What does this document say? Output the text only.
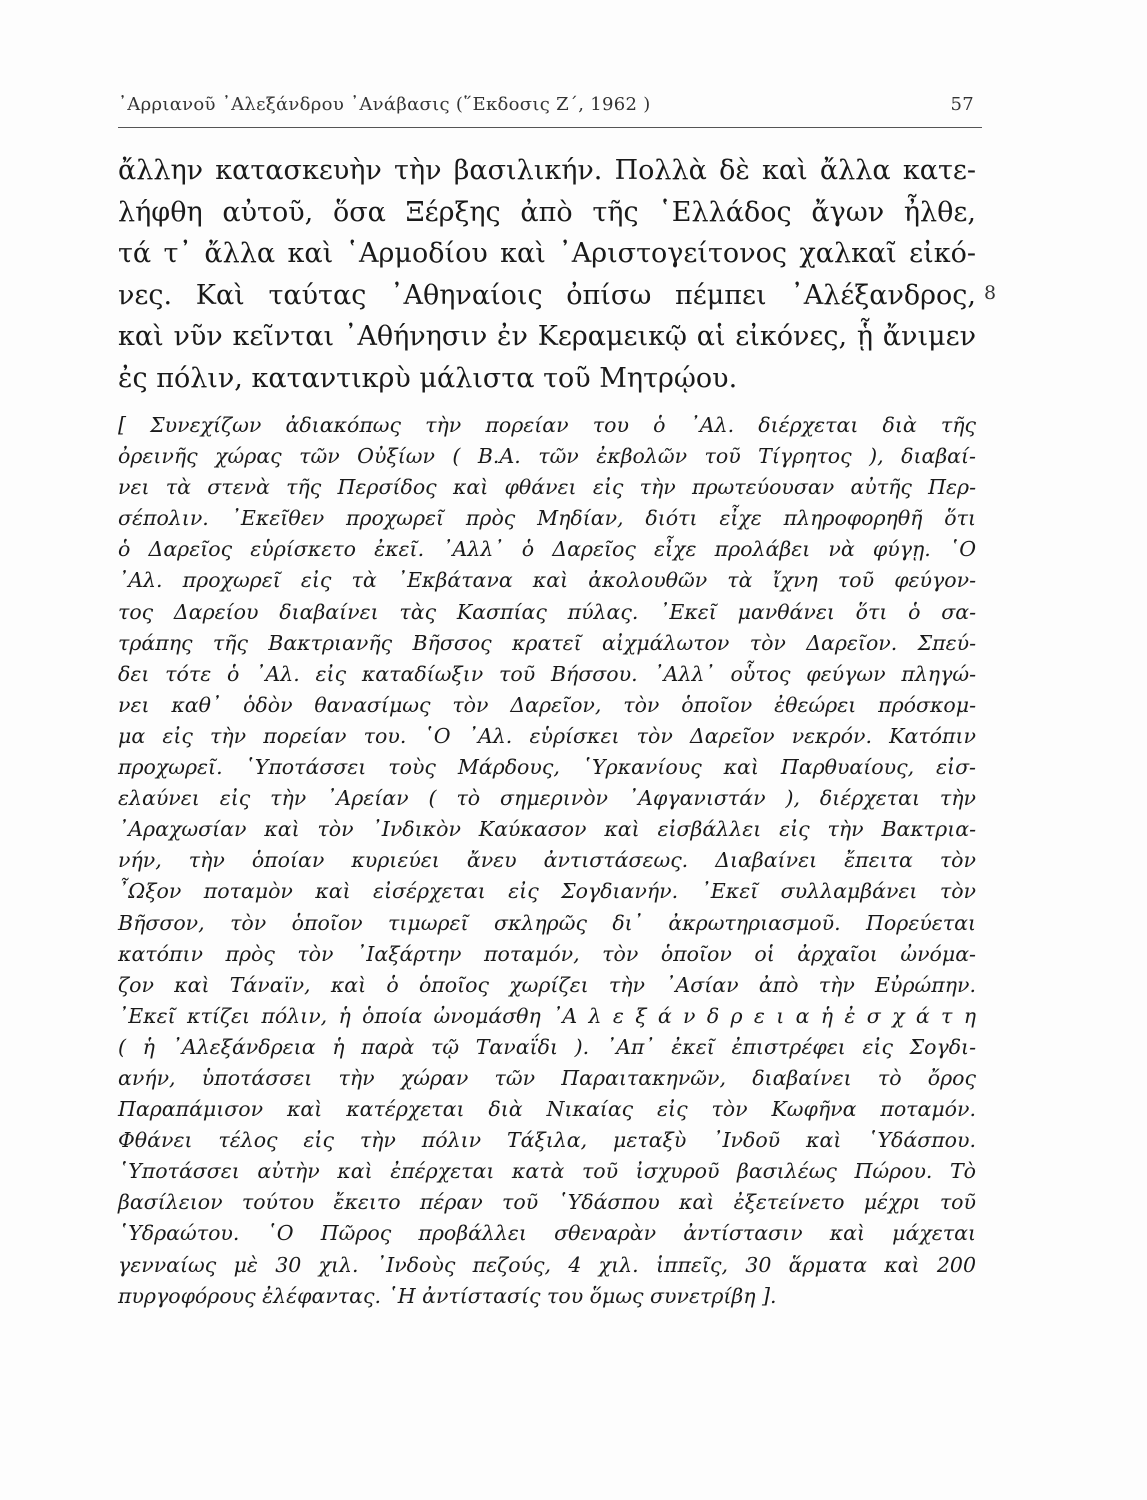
᾿Αρριανοῦ ᾿Αλεξάνδρου ᾿Ανάβασις (῞Εκδοσις Ζ΄, 1962 )	57
ἄλλην κατασκευὴν τὴν βασιλικήν. Πολλὰ δὲ καὶ ἄλλα κατε-
λήφθη αὐτοῦ, ὅσα Ξέρξης ἀπὸ τῆς ῾Ελλάδος ἄγων ἦλθε,
τά τ᾿ ἄλλα καὶ ῾Αρμοδίου καὶ ᾿Αριστογείτονος χαλκαῖ εἰκό-
νες. Καὶ ταύτας ᾿Αθηναίοις ὀπίσω πέμπει ᾿Αλέξανδρος,
καὶ νῦν κεῖνται ᾿Αθήνησιν ἐν Κεραμεικῷ αἱ εἰκόνες, ᾗ ἄνιμεν
ἐς πόλιν, καταντικρὺ μάλιστα τοῦ Μητρῴου.
8
[ Συνεχίζων ἀδιακόπως τὴν πορείαν του ὁ ᾿Αλ. διέρχεται διὰ τῆς
ὀρεινῆς χώρας τῶν Οὐξίων ( Β.Α. τῶν ἐκβολῶν τοῦ Τίγρητος ), διαβαί-
νει τὰ στενὰ τῆς Περσίδος καὶ φθάνει εἰς τὴν πρωτεύουσαν αὐτῆς Περ-
σέπολιν. ᾿Εκεῖθεν προχωρεῖ πρὸς Μηδίαν, διότι εἶχε πληροφορηθῆ ὅτι
ὁ Δαρεῖος εὑρίσκετο ἐκεῖ. ᾿Αλλ᾿ ὁ Δαρεῖος εἶχε προλάβει νὰ φύγῃ. ῾Ο
᾿Αλ. προχωρεῖ εἰς τὰ ᾿Εκβάτανα καὶ ἀκολουθῶν τὰ ἴχνη τοῦ φεύγον-
τος Δαρείου διαβαίνει τὰς Κασπίας πύλας. ᾿Εκεῖ μανθάνει ὅτι ὁ σα-
τράπης τῆς Βακτριανῆς Βῆσσος κρατεῖ αἰχμάλωτον τὸν Δαρεῖον. Σπεύ-
δει τότε ὁ ᾿Αλ. εἰς καταδίωξιν τοῦ Βήσσου. ᾿Αλλ᾿ οὗτος φεύγων πληγώ-
νει καθ᾿ ὁδὸν θανασίμως τὸν Δαρεῖον, τὸν ὁποῖον ἐθεώρει πρόσκομ-
μα εἰς τὴν πορείαν του. ῾Ο ᾿Αλ. εὑρίσκει τὸν Δαρεῖον νεκρόν. Κατόπιν
προχωρεῖ. ῾Υποτάσσει τοὺς Μάρδους, ῾Υρκανίους καὶ Παρθυαίους, εἰσ-
ελαύνει εἰς τὴν ᾿Αρείαν ( τὸ σημερινὸν ᾿Αφγανιστάν ), διέρχεται τὴν
᾿Αραχωσίαν καὶ τὸν ᾿Ινδικὸν Καύκασον καὶ εἰσβάλλει εἰς τὴν Βακτρια-
νήν, τὴν ὁποίαν κυριεύει ἄνευ ἀντιστάσεως. Διαβαίνει ἔπειτα τὸν
῏Ωξον ποταμὸν καὶ εἰσέρχεται εἰς Σογδιανήν. ᾿Εκεῖ συλλαμβάνει τὸν
Βῆσσον, τὸν ὁποῖον τιμωρεῖ σκληρῶς δι᾿ ἀκρωτηριασμοῦ. Πορεύεται
κατόπιν πρὸς τὸν ᾿Ιαξάρτην ποταμόν, τὸν ὁποῖον οἱ ἀρχαῖοι ὠνόμα-
ζον καὶ Τάναϊν, καὶ ὁ ὁποῖος χωρίζει τὴν ᾿Ασίαν ἀπὸ τὴν Εὐρώπην.
᾿Εκεῖ κτίζει πόλιν, ἡ ὁποία ὠνομάσθη ᾿Α λ ε ξ ά ν δ ρ ε ι α ἡ ἐ σ χ ά τ η
( ἡ ᾿Αλεξάνδρεια ἡ παρὰ τῷ Ταναΐδι ). ᾿Απ᾿ ἐκεῖ ἐπιστρέφει εἰς Σογδι-
ανήν, ὑποτάσσει τὴν χώραν τῶν Παραιτακηνῶν, διαβαίνει τὸ ὄρος
Παραπάμισον καὶ κατέρχεται διὰ Νικαίας εἰς τὸν Κωφῆνα ποταμόν.
Φθάνει τέλος εἰς τὴν πόλιν Τάξιλα, μεταξὺ ᾿Ινδοῦ καὶ ῾Υδάσπου.
῾Υποτάσσει αὐτὴν καὶ ἐπέρχεται κατὰ τοῦ ἰσχυροῦ βασιλέως Πώρου. Τὸ
βασίλειον τούτου ἔκειτο πέραν τοῦ ῾Υδάσπου καὶ ἐξετείνετο μέχρι τοῦ
῾Υδραώτου. ῾Ο Πῶρος προβάλλει σθεναρὰν ἀντίστασιν καὶ μάχεται
γενναίως μὲ 30 χιλ. ᾿Ινδοὺς πεζούς, 4 χιλ. ἱππεῖς, 30 ἅρματα καὶ 200
πυργοφόρους ἐλέφαντας. ῾Η ἀντίστασίς του ὅμως συνετρίβη ].
